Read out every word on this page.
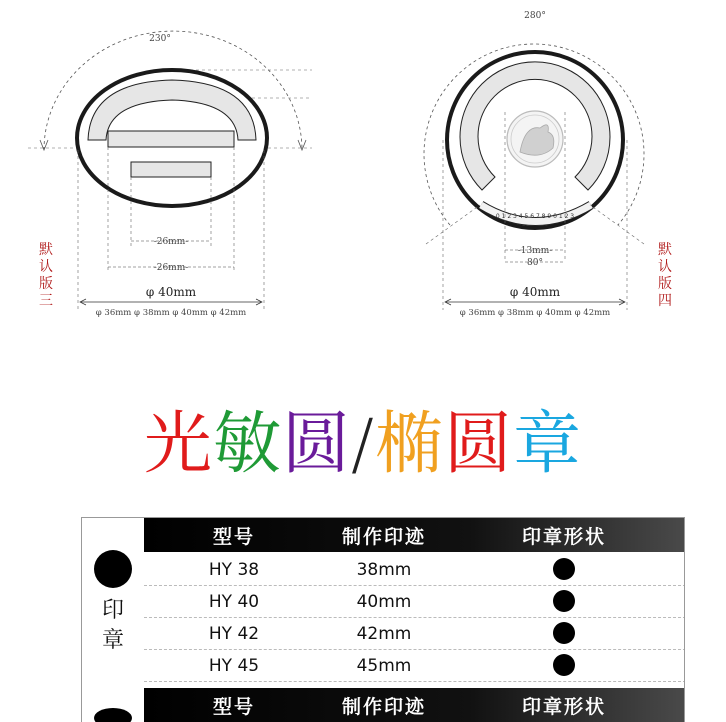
230°
-26mm-
-26mm-
φ 40mm
φ 36mm φ 38mm φ 40mm φ 42mm
280°
0 1 2 3 4 5 6 7 8 9 0 1 2 3
-13mm-
80°
φ 40mm
φ 36mm φ 38mm φ 40mm φ 42mm
默
认
版
三
默
认
版
四
光敏圆/椭圆章
印
章
型号	制作印迹	印章形状
HY 38	38mm
HY 40	40mm
HY 42	42mm
HY 45	45mm
型号	制作印迹	印章形状
